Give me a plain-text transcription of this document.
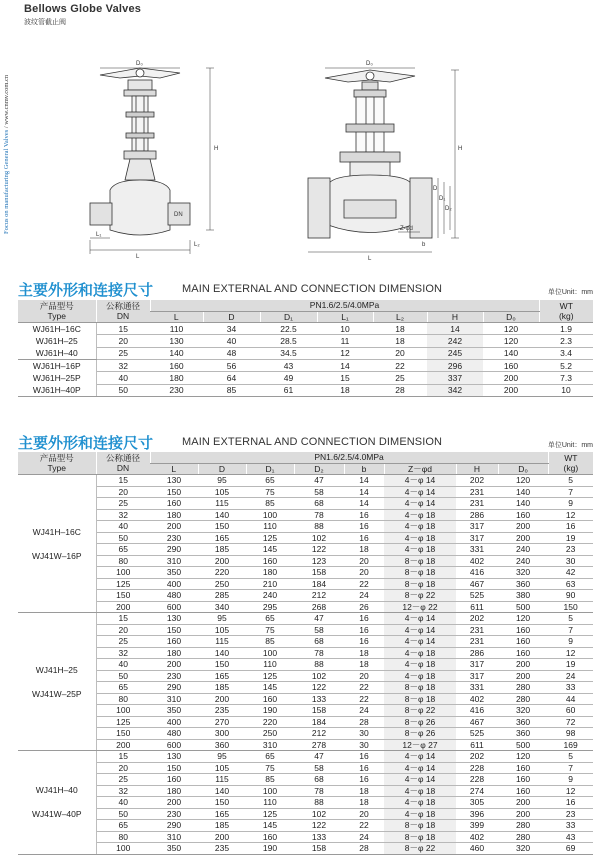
Focus on manufacturing General Valves / www.cnmv.com.cn
Bellows Globe Valves
波纹管截止阀
D₀
H
L
DN
L₁
L₂
D₀
H
L
D
D₁
D₂
Z-φd
b
主要外形和连接尺寸	MAIN EXTERNAL AND CONNECTION DIMENSION	单位Unit：mm
产品型号
Type	公称通径
DN	PN1.6/2.5/4.0MPa							WT
(kg)
		L	D	D₁	L₁	L₂	H	D₀	
WJ61H–16C
WJ61H–25
WJ61H–40	15	110	34	22.5	10	18	14	120	1.9
	20	130	40	28.5	11	18	242	120	2.3
	25	140	48	34.5	12	20	245	140	3.4
WJ61H–16P
WJ61H–25P
WJ61H–40P	32	160	56	43	14	22	296	160	5.2
	40	180	64	49	15	25	337	200	7.3
	50	230	85	61	18	28	342	200	10
主要外形和连接尺寸	MAIN EXTERNAL AND CONNECTION DIMENSION	单位Unit：mm
产品型号
Type	公称通径
DN	PN1.6/2.5/4.0MPa								WT
(kg)
		L	D	D₁	D₂	b	Z－φd	H	D₀	
WJ41H–16C

WJ41W–16P	15	130	95	65	47	14	4－φ 14	202	120	5
	20	150	105	75	58	14	4－φ 14	231	140	7
	25	160	115	85	68	14	4－φ 14	231	140	9
	32	180	140	100	78	16	4－φ 18	286	160	12
	40	200	150	110	88	16	4－φ 18	317	200	16
	50	230	165	125	102	16	4－φ 18	317	200	19
	65	290	185	145	122	18	4－φ 18	331	240	23
	80	310	200	160	123	20	8－φ 18	402	240	30
	100	350	220	180	158	20	8－φ 18	416	320	42
	125	400	250	210	184	22	8－φ 18	467	360	63
	150	480	285	240	212	24	8－φ 22	525	380	90
	200	600	340	295	268	26	12－φ 22	611	500	150
WJ41H–25

WJ41W–25P	15	130	95	65	47	16	4－φ 14	202	120	5
	20	150	105	75	58	16	4－φ 14	231	160	7
	25	160	115	85	68	16	4－φ 14	231	160	9
	32	180	140	100	78	18	4－φ 18	286	160	12
	40	200	150	110	88	18	4－φ 18	317	200	19
	50	230	165	125	102	20	4－φ 18	317	200	24
	65	290	185	145	122	22	8－φ 18	331	280	33
	80	310	200	160	133	22	8－φ 18	402	280	44
	100	350	235	190	158	24	8－φ 22	416	320	60
	125	400	270	220	184	28	8－φ 26	467	360	72
	150	480	300	250	212	30	8－φ 26	525	360	98
	200	600	360	310	278	30	12－φ 27	611	500	169
WJ41H–40

WJ41W–40P	15	130	95	65	47	16	4－φ 14	202	120	5
	20	150	105	75	58	16	4－φ 14	228	160	7
	25	160	115	85	68	16	4－φ 14	228	160	9
	32	180	140	100	78	18	4－φ 18	274	160	12
	40	200	150	110	88	18	4－φ 18	305	200	16
	50	230	165	125	102	20	4－φ 18	396	200	23
	65	290	185	145	122	22	8－φ 18	399	280	33
	80	310	200	160	133	24	8－φ 18	402	280	43
	100	350	235	190	158	28	8－φ 22	460	320	69
